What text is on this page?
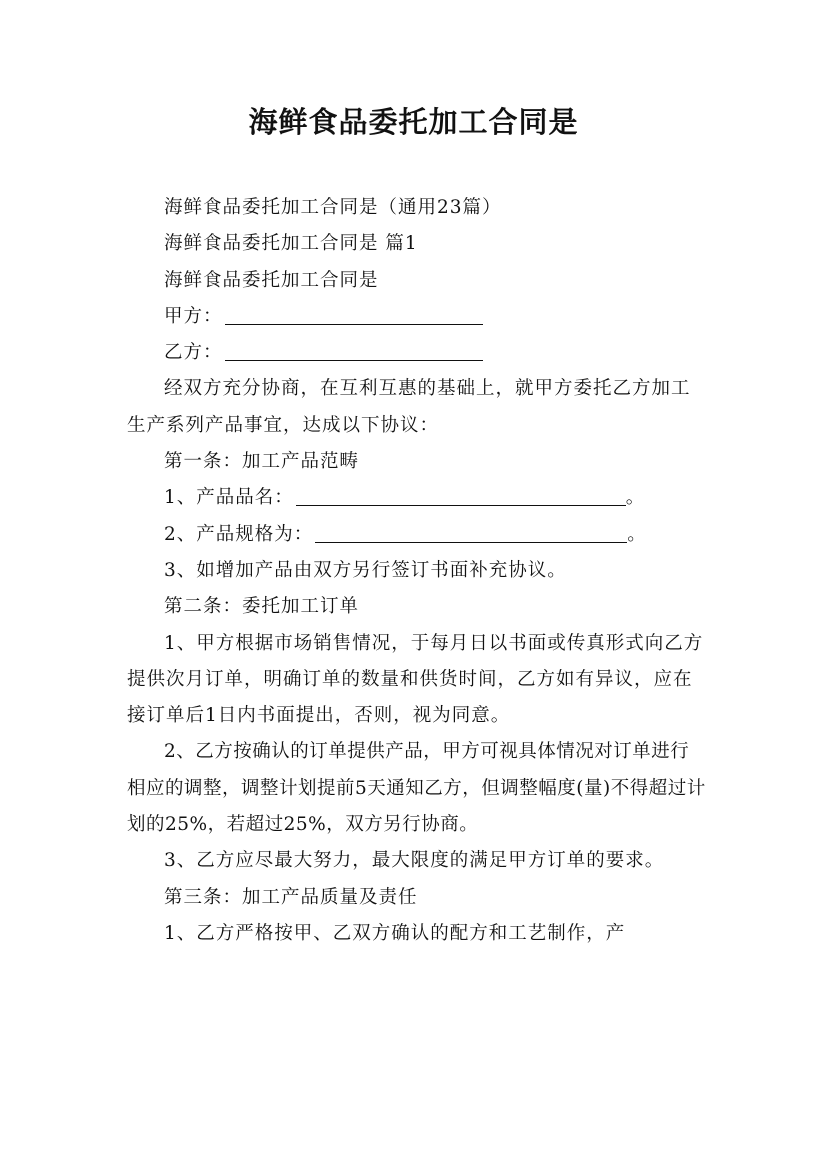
海鲜食品委托加工合同是

海鲜食品委托加工合同是（通用23篇）

海鲜食品委托加工合同是 篇1

海鲜食品委托加工合同是

甲方：

乙方：

经双方充分协商，在互利互惠的基础上，就甲方委托乙方加工生产系列产品事宜，达成以下协议：

第一条：加工产品范畴

1、产品品名：	。

2、产品规格为：	。

3、如增加产品由双方另行签订书面补充协议。

第二条：委托加工订单

1、甲方根据市场销售情况，于每月日以书面或传真形式向乙方提供次月订单，明确订单的数量和供货时间，乙方如有异议，应在接订单后1日内书面提出，否则，视为同意。

2、乙方按确认的订单提供产品，甲方可视具体情况对订单进行相应的调整，调整计划提前5天通知乙方，但调整幅度(量)不得超过计划的25%，若超过25%，双方另行协商。

3、乙方应尽最大努力，最大限度的满足甲方订单的要求。

第三条：加工产品质量及责任

1、乙方严格按甲、乙双方确认的配方和工艺制作，产
